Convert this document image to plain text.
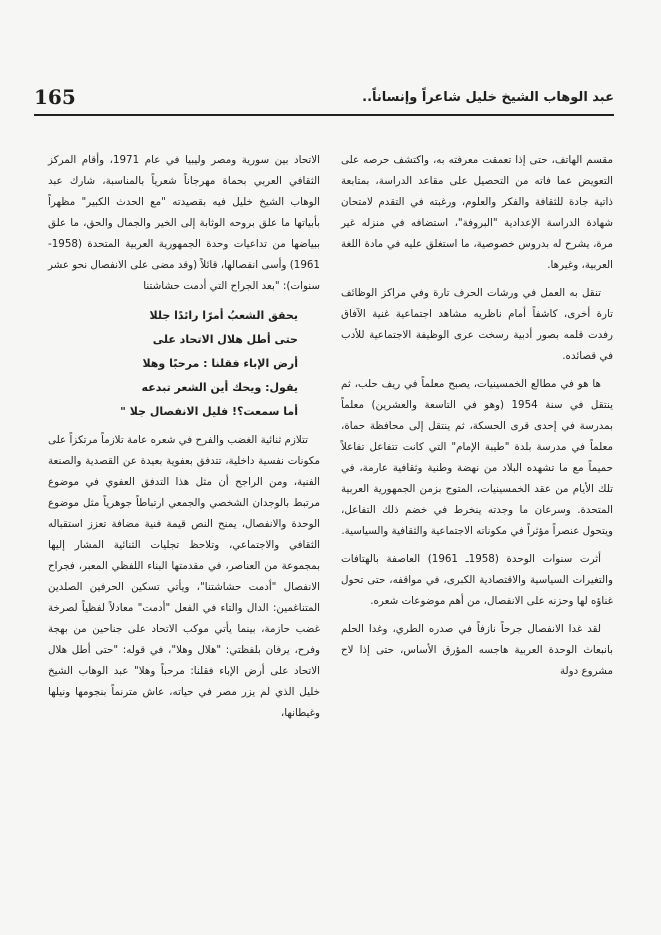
165	عبد الوهاب الشيخ خليل شاعراً وإنساناً..

مقسم الهاتف، حتى إذا تعمقت معرفته به، واكتشف حرصه على التعويض عما فاته من التحصيل على مقاعد الدراسة، بمتابعة ذاتية جادة للثقافة والفكر والعلوم، ورغبته في التقدم لامتحان شهادة الدراسة الإعدادية "البروفة"، استضافه في منزله غير مرة، يشرح له بدروس خصوصية، ما استغلق عليه في مادة اللغة العربية، وغيرها.

تنقل به العمل في ورشات الحرف تارة وفي مراكز الوظائف تارة أخرى، كاشفاً أمام ناظريه مشاهد اجتماعية غنية الآفاق رفدت قلمه بصور أدبية رسخت عرى الوظيفة الاجتماعية للأدب في قصائده.

ها هو في مطالع الخمسينيات، يصبح معلماً في ريف حلب، ثم ينتقل في سنة 1954 (وهو في التاسعة والعشرين) معلماً بمدرسة في إحدى قرى الحسكة، ثم ينتقل إلى محافظة حماة، معلماً في مدرسة بلدة "طيبة الإمام" التي كانت تتفاعل تفاعلاً حميماً مع ما تشهده البلاد من نهضة وطنية وثقافية عارمة، في تلك الأيام من عقد الخمسينيات، المتوج بزمن الجمهورية العربية المتحدة. وسرعان ما وجدته ينخرط في خضم ذلك التفاعل، ويتحول عنصراً مؤثراً في مكوناته الاجتماعية والثقافية والسياسية.

أثرت سنوات الوحدة (1958ـ 1961) العاصفة بالهتافات والتغيرات السياسية والاقتصادية الكبرى، في مواقفه، حتى تحول غناؤه لها وحزنه على الانفصال، من أهم موضوعات شعره.

لقد غدا الانفصال جرحاً نازفاً في صدره الطري، وغدا الحلم بانبعاث الوحدة العربية هاجسه المؤرق الأساس، حتى إذا لاح مشروع دولة

الاتحاد بين سورية ومصر وليبيا في عام 1971، وأقام المركز الثقافي العربي بحماة مهرجاناً شعرياً بالمناسبة، شارك عبد الوهاب الشيخ خليل فيه بقصيدته "مع الحدث الكبير" مظهراً بأبياتها ما علق بروحه الوثابة إلى الخير والجمال والحق، ما علق ببياضها من تداعيات وحدة الجمهورية العربية المتحدة (1958- 1961) وأسى انفصالها، قائلاً (وقد مضى على الانفصال نحو عشر سنوات): "بعد الجراح التي أدمت حشاشتنا

يحقق الشعبُ أمرًا رائدًا جللا
حتى أطل هلال الاتحاد على
أرض الإباء فقلنا : مرحبًا وهلا
يقول: ويحك أين الشعر تبدعه
أما سمعت؟! فليل الانفصال جلا "

تتلازم ثنائية الغضب والفرح في شعره عامة تلازماً مرتكزاً على مكونات نفسية داخلية، تتدفق بعفوية بعيدة عن القصدية والصنعة الفنية، ومن الراجح أن مثل هذا التدفق العفوي في موضوع مرتبط بالوجدان الشخصي والجمعي ارتباطاً جوهرياً مثل موضوع الوحدة والانفصال، يمنح النص قيمة فنية مضافة تعزز استقباله الثقافي والاجتماعي، وتلاحظ تجليات الثنائية المشار إليها بمجموعة من العناصر، في مقدمتها البناء اللفظي المعبر، فجراح الانفصال "أدمت حشاشتنا"، ويأتي تسكين الحرفين الصلدين المتناغمين: الدال والتاء في الفعل "أدمت" معادلاً لفظياً لصرخة غضب حازمة، بينما يأتي موكب الاتحاد على جناحين من بهجة وفرح، يرفان بلفظتي: "هلال وهلا"، في قوله: "حتى أطل هلال الاتحاد على أرض الإباء فقلنا: مرحباً وهلا" عبد الوهاب الشيخ خليل الذي لم يزر مصر في حياته، عاش مترنماً بنجومها ونيلها وغيطانها،
